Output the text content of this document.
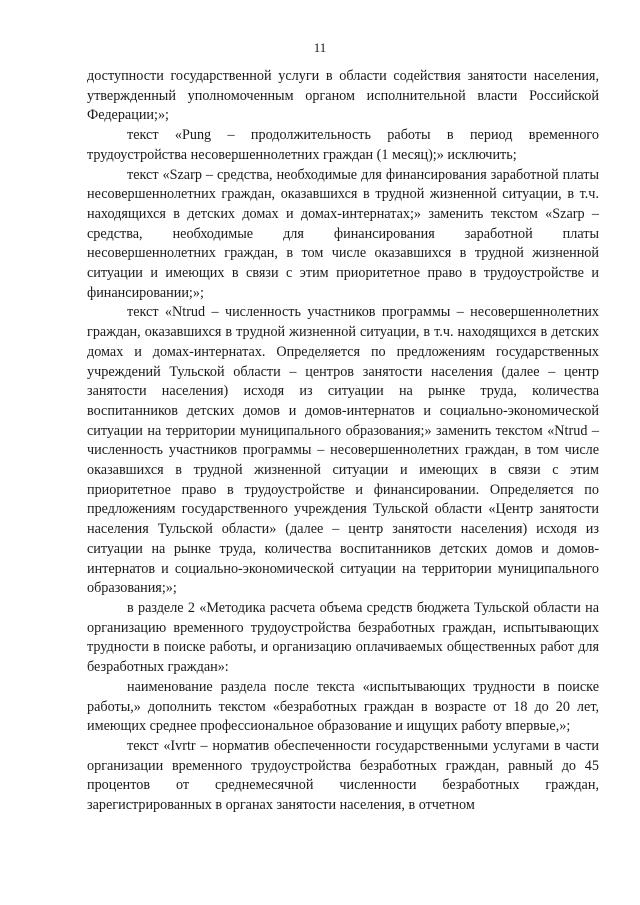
11

доступности государственной услуги в области содействия занятости населения, утвержденный уполномоченным органом исполнительной власти Российской Федерации;»;

текст «Рung – продолжительность работы в период временного трудоустройства несовершеннолетних граждан (1 месяц);» исключить;

текст «Szarp – средства, необходимые для финансирования заработной платы несовершеннолетних граждан, оказавшихся в трудной жизненной ситуации, в т.ч. находящихся в детских домах и домах-интернатах;» заменить текстом «Szarp – средства, необходимые для финансирования заработной платы несовершеннолетних граждан, в том числе оказавшихся в трудной жизненной ситуации и имеющих в связи с этим приоритетное право в трудоустройстве и финансировании;»;

текст «Ntrud – численность участников программы – несовершеннолетних граждан, оказавшихся в трудной жизненной ситуации, в т.ч. находящихся в детских домах и домах-интернатах. Определяется по предложениям государственных учреждений Тульской области – центров занятости населения (далее – центр занятости населения) исходя из ситуации на рынке труда, количества воспитанников детских домов и домов-интернатов и социально-экономической ситуации на территории муниципального образования;» заменить текстом «Ntrud – численность участников программы – несовершеннолетних граждан, в том числе оказавшихся в трудной жизненной ситуации и имеющих в связи с этим приоритетное право в трудоустройстве и финансировании. Определяется по предложениям государственного учреждения Тульской области «Центр занятости населения Тульской области» (далее – центр занятости населения) исходя из ситуации на рынке труда, количества воспитанников детских домов и домов-интернатов и социально-экономической ситуации на территории муниципального образования;»;

в разделе 2 «Методика расчета объема средств бюджета Тульской области на организацию временного трудоустройства безработных граждан, испытывающих трудности в поиске работы, и организацию оплачиваемых общественных работ для безработных граждан»:

наименование раздела после текста «испытывающих трудности в поиске работы,» дополнить текстом «безработных граждан в возрасте от 18 до 20 лет, имеющих среднее профессиональное образование и ищущих работу впервые,»;

текст «Ivrtr – норматив обеспеченности государственными услугами в части организации временного трудоустройства безработных граждан, равный до 45 процентов от среднемесячной численности безработных граждан, зарегистрированных в органах занятости населения, в отчетном
